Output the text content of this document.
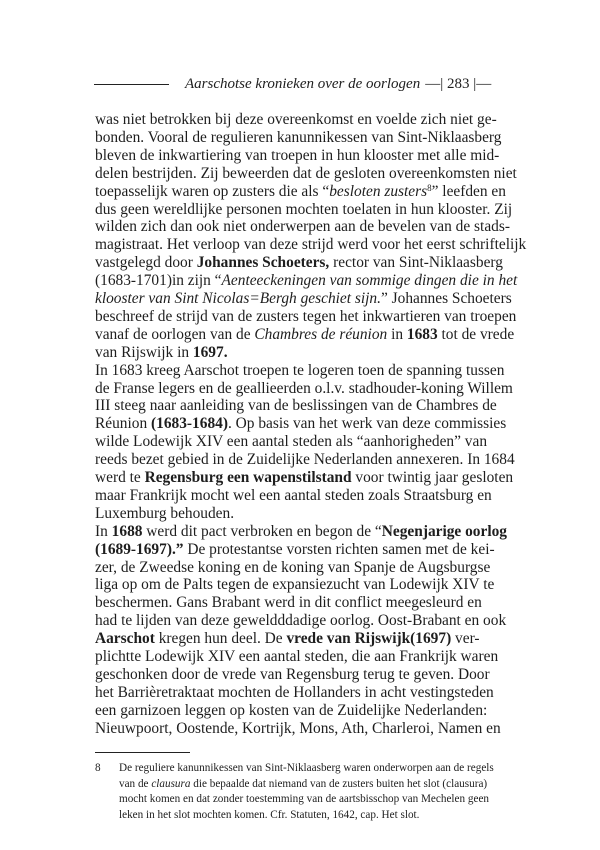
Aarschotse kronieken over de oorlogen —| 283 |—
was niet betrokken bij deze overeenkomst en voelde zich niet ge-
bonden. Vooral de regulieren kanunnikessen van Sint-Niklaasberg
bleven de inkwartiering van troepen in hun klooster met alle mid-
delen bestrijden. Zij beweerden dat de gesloten overeenkomsten niet
toepasselijk waren op zusters die als “besloten zusters$^8$” leefden en
dus geen wereldlijke personen mochten toelaten in hun klooster. Zij
wilden zich dan ook niet onderwerpen aan de bevelen van de stads-
magistraat. Het verloop van deze strijd werd voor het eerst schriftelijk
vastgelegd door Johannes Schoeters, rector van Sint-Niklaasberg
(1683-1701)in zijn “Aenteeckeningen van sommige dingen die in het
klooster van Sint Nicolas=Bergh geschiet sijn.” Johannes Schoeters
beschreef de strijd van de zusters tegen het inkwartieren van troepen
vanaf de oorlogen van de Chambres de réunion in 1683 tot de vrede
van Rijswijk in 1697.
In 1683 kreeg Aarschot troepen te logeren toen de spanning tussen
de Franse legers en de geallieerden o.l.v. stadhouder-koning Willem
III steeg naar aanleiding van de beslissingen van de Chambres de
Réunion (1683-1684). Op basis van het werk van deze commissies
wilde Lodewijk XIV een aantal steden als “aanhorigheden” van
reeds bezet gebied in de Zuidelijke Nederlanden annexeren. In 1684
werd te Regensburg een wapenstilstand voor twintig jaar gesloten
maar Frankrijk mocht wel een aantal steden zoals Straatsburg en
Luxemburg behouden.
In 1688 werd dit pact verbroken en begon de “Negenjarige oorlog
(1689-1697).” De protestantse vorsten richten samen met de kei-
zer, de Zweedse koning en de koning van Spanje de Augsburgse
liga op om de Palts tegen de expansiezucht van Lodewijk XIV te
beschermen. Gans Brabant werd in dit conflict meegesleurd en
had te lijden van deze geweldddadige oorlog. Oost-Brabant en ook
Aarschot kregen hun deel. De vrede van Rijswijk(1697) ver-
plichtte Lodewijk XIV een aantal steden, die aan Frankrijk waren
geschonken door de vrede van Regensburg terug te geven. Door
het Barrièretraktaat mochten de Hollanders in acht vestingsteden
een garnizoen leggen op kosten van de Zuidelijke Nederlanden:
Nieuwpoort, Oostende, Kortrijk, Mons, Ath, Charleroi, Namen en
8	De reguliere kanunnikessen van Sint-Niklaasberg waren onderworpen aan de regels
van de clausura die bepaalde dat niemand van de zusters buiten het slot (clausura)
mocht komen en dat zonder toestemming van de aartsbisschop van Mechelen geen
leken in het slot mochten komen. Cfr. Statuten, 1642, cap. Het slot.
